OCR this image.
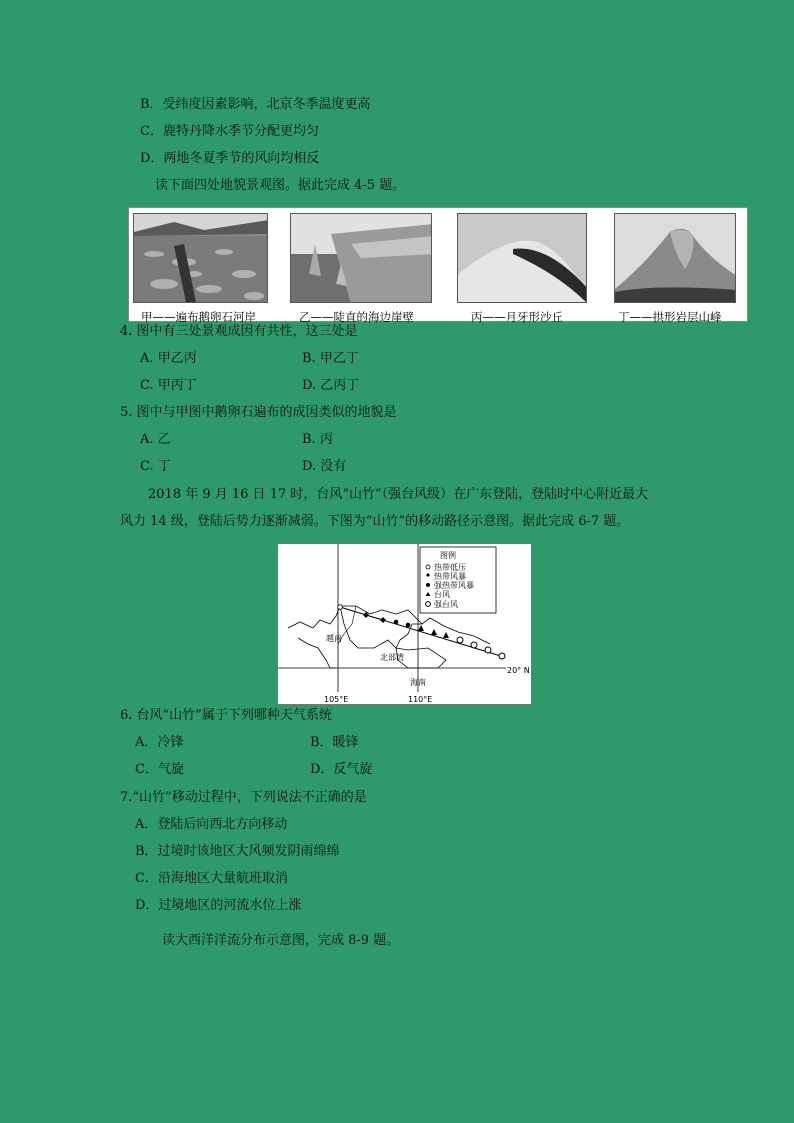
B．受纬度因素影响，北京冬季温度更高
C．鹿特丹降水季节分配更均匀
D．两地冬夏季节的风向均相反
读下面四处地貌景观图。据此完成 4-5 题。
甲——遍布鹅卵石河岸	乙——陡直的海边崖壁	丙——月牙形沙丘	丁——拱形岩层山峰
4. 图中有三处景观成因有共性，这三处是
A. 甲乙丙	B. 甲乙丁
C. 甲丙丁	D. 乙丙丁
5. 图中与甲图中鹅卵石遍布的成因类似的地貌是
A. 乙	B. 丙
C. 丁	D. 没有
2018 年 9 月 16 日 17 时，台风“山竹”（强台风级）在广东登陆，登陆时中心附近最大
风力 14 级，登陆后势力逐渐减弱。下图为“山竹”的移动路径示意图。据此完成 6-7 题。
图例
热带低压
热带风暴
强热带风暴
台风
强台风
越南
北部湾
海南
105°E	110°E
20° N
6. 台风“山竹”属于下列哪种天气系统
A．冷锋	B．暖锋
C．气旋	D．反气旋
7.“山竹”移动过程中，下列说法不正确的是
A．登陆后向西北方向移动
B．过境时该地区大风频发阴雨绵绵
C．沿海地区大量航班取消
D．过境地区的河流水位上涨
读大西洋洋流分布示意图，完成 8-9 题。
